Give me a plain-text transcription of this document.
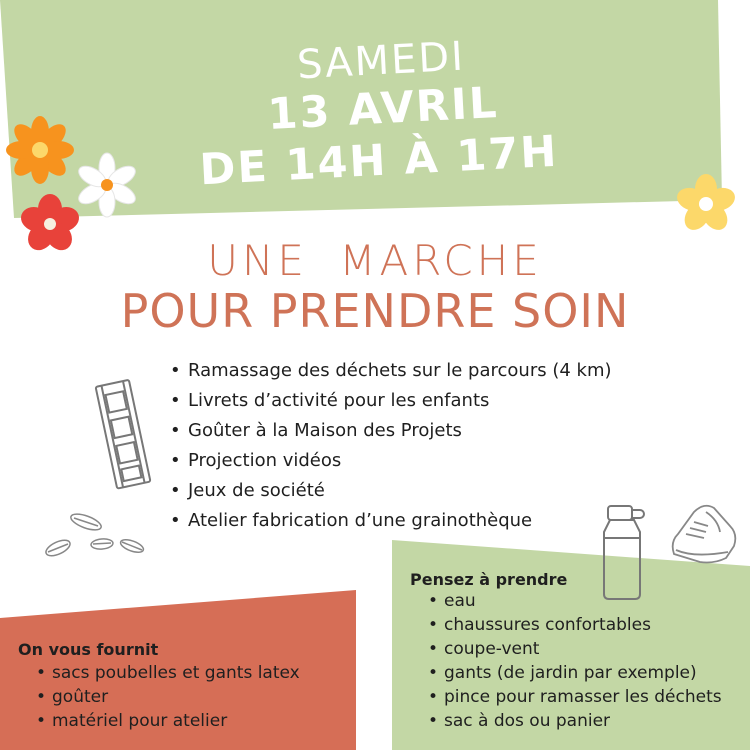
SAMEDI
13 AVRIL
DE 14H À 17H
UNE MARCHE
POUR PRENDRE SOIN
• Ramassage des déchets sur le parcours (4 km)
• Livrets d’activité pour les enfants
• Goûter à la Maison des Projets
• Projection vidéos
• Jeux de société
• Atelier fabrication d’une grainothèque
On vous fournit
• sacs poubelles et gants latex
• goûter
• matériel pour atelier
Pensez à prendre
• eau
• chaussures confortables
• coupe-vent
• gants (de jardin par exemple)
• pince pour ramasser les déchets
• sac à dos ou panier
